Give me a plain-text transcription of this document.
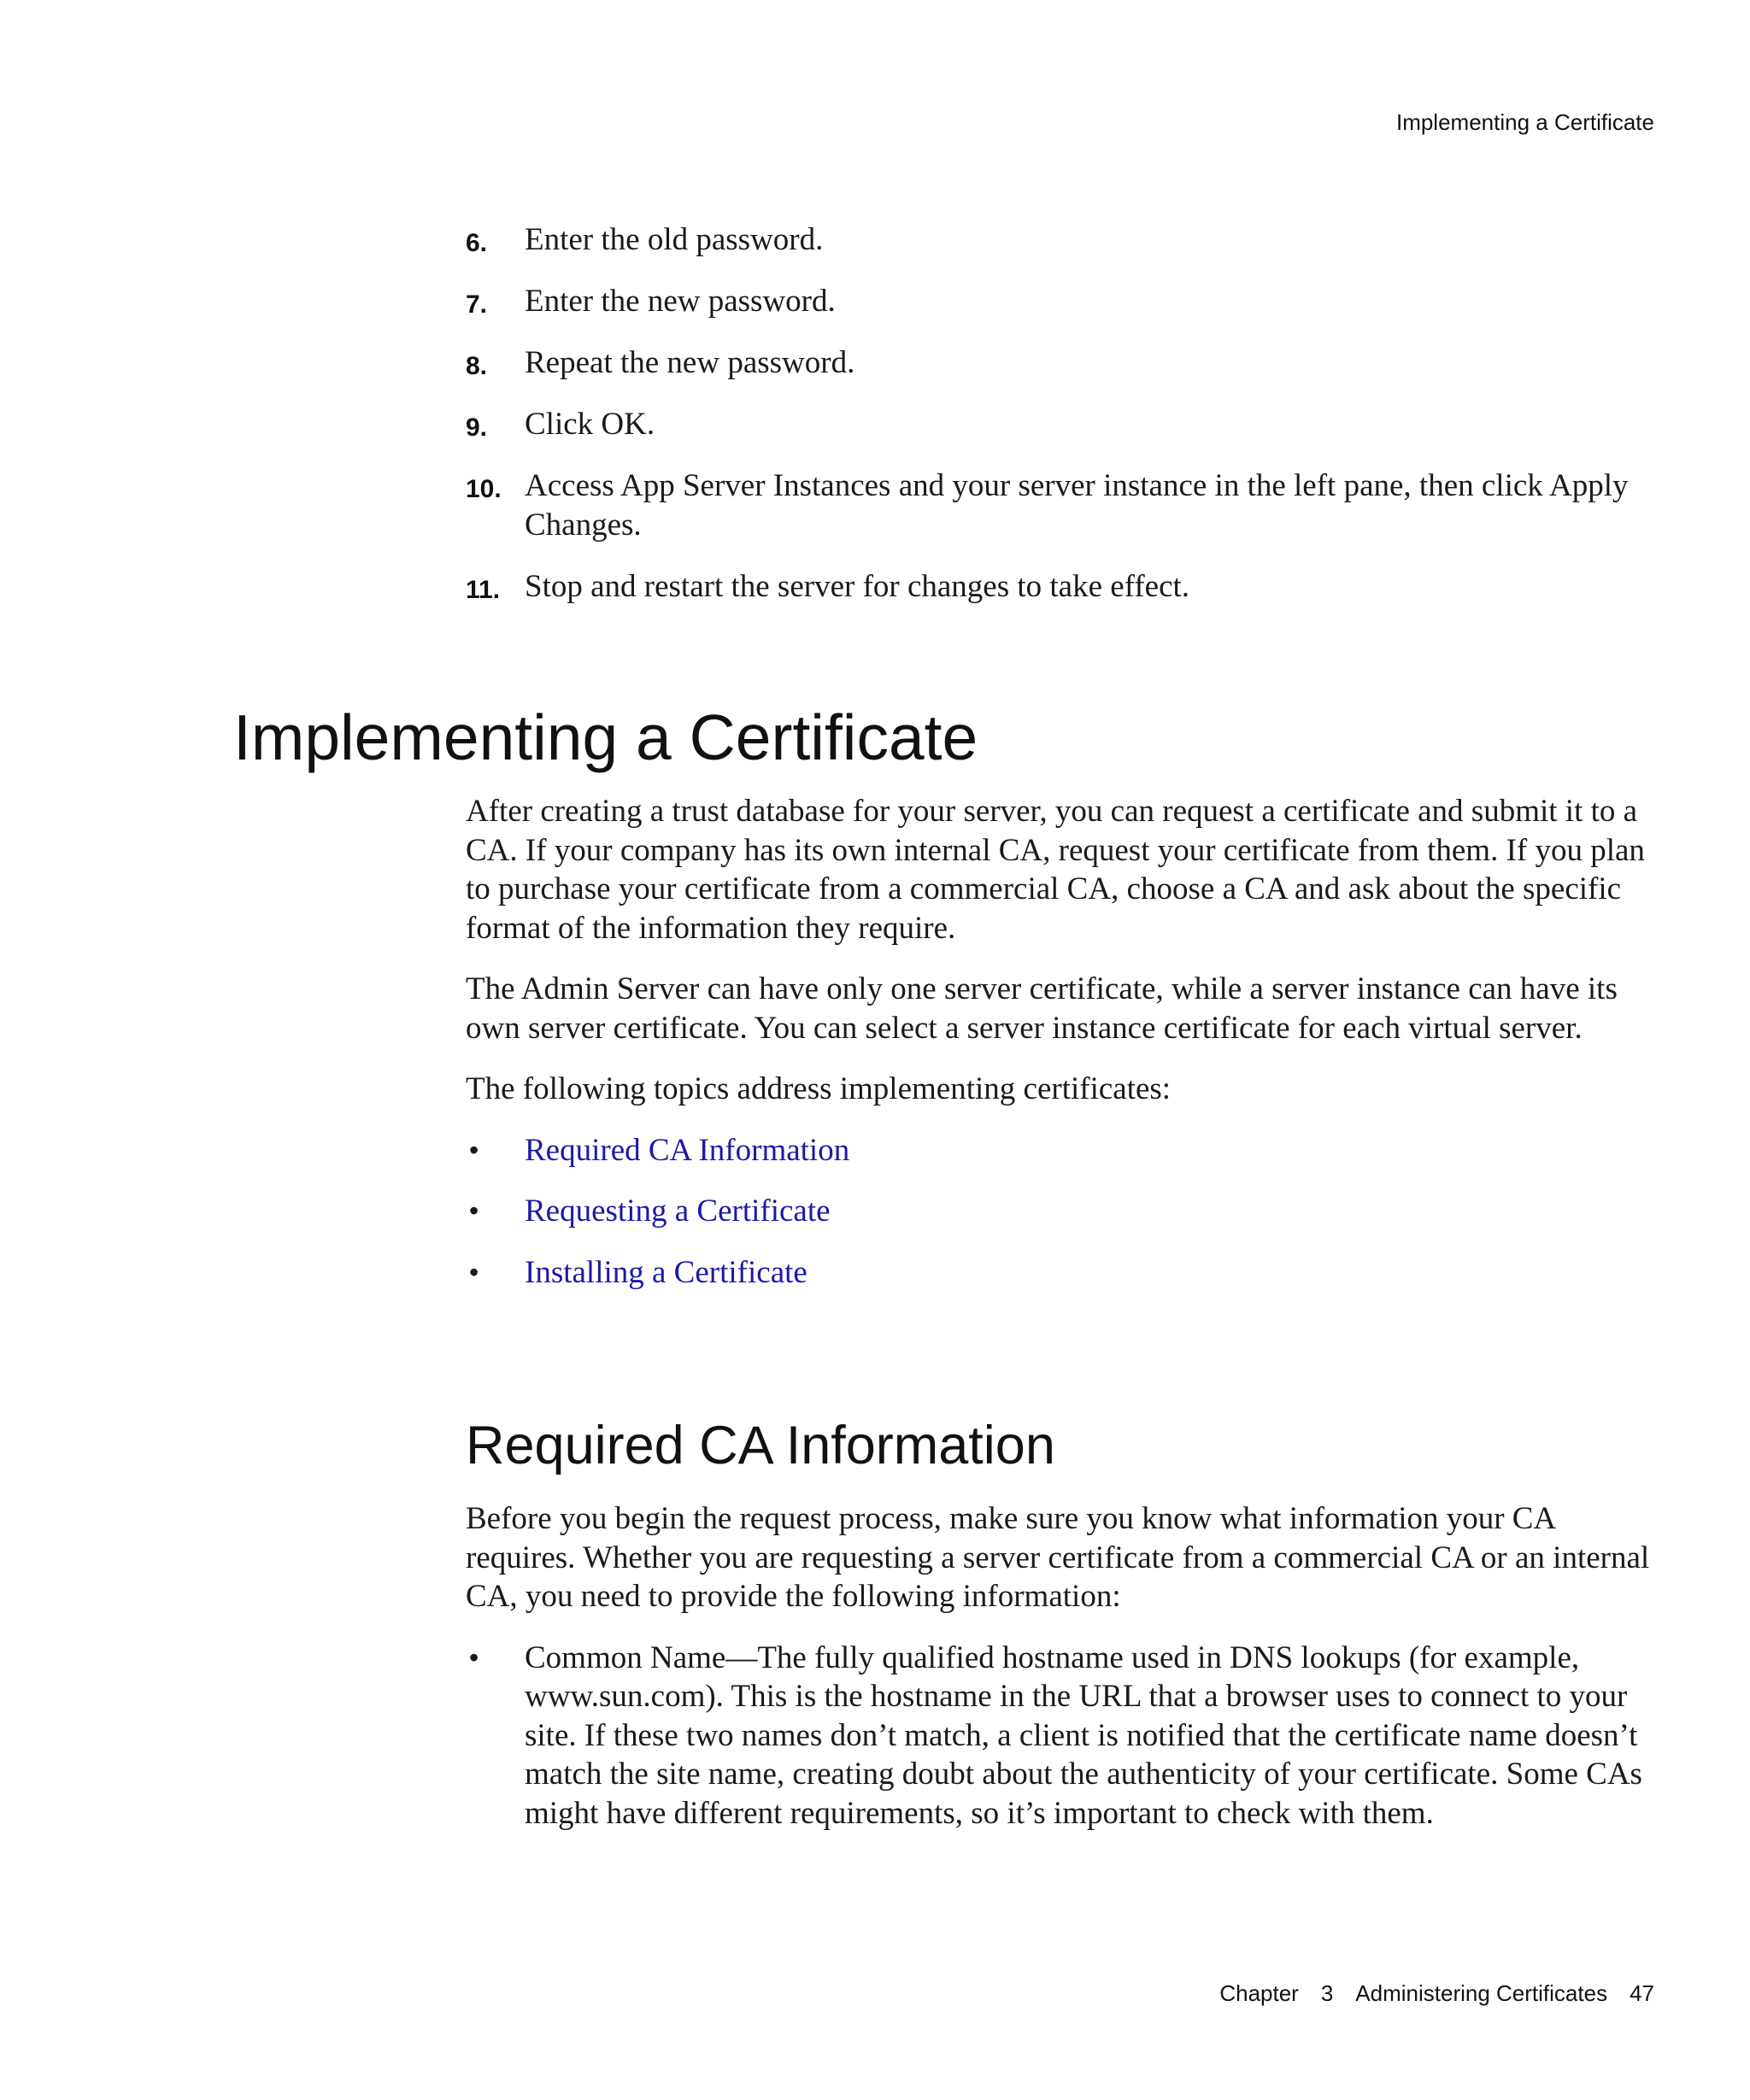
Implementing a Certificate
6. Enter the old password.
7. Enter the new password.
8. Repeat the new password.
9. Click OK.
10. Access App Server Instances and your server instance in the left pane, then click Apply Changes.
11. Stop and restart the server for changes to take effect.
Implementing a Certificate

After creating a trust database for your server, you can request a certificate and submit it to a CA. If your company has its own internal CA, request your certificate from them. If you plan to purchase your certificate from a commercial CA, choose a CA and ask about the specific format of the information they require.

The Admin Server can have only one server certificate, while a server instance can have its own server certificate. You can select a server instance certificate for each virtual server.

The following topics address implementing certificates:

• Required CA Information
• Requesting a Certificate
• Installing a Certificate
Required CA Information

Before you begin the request process, make sure you know what information your CA requires. Whether you are requesting a server certificate from a commercial CA or an internal CA, you need to provide the following information:

• Common Name—The fully qualified hostname used in DNS lookups (for example, www.sun.com). This is the hostname in the URL that a browser uses to connect to your site. If these two names don’t match, a client is notified that the certificate name doesn’t match the site name, creating doubt about the authenticity of your certificate. Some CAs might have different requirements, so it’s important to check with them.
Chapter 3 Administering Certificates 47
